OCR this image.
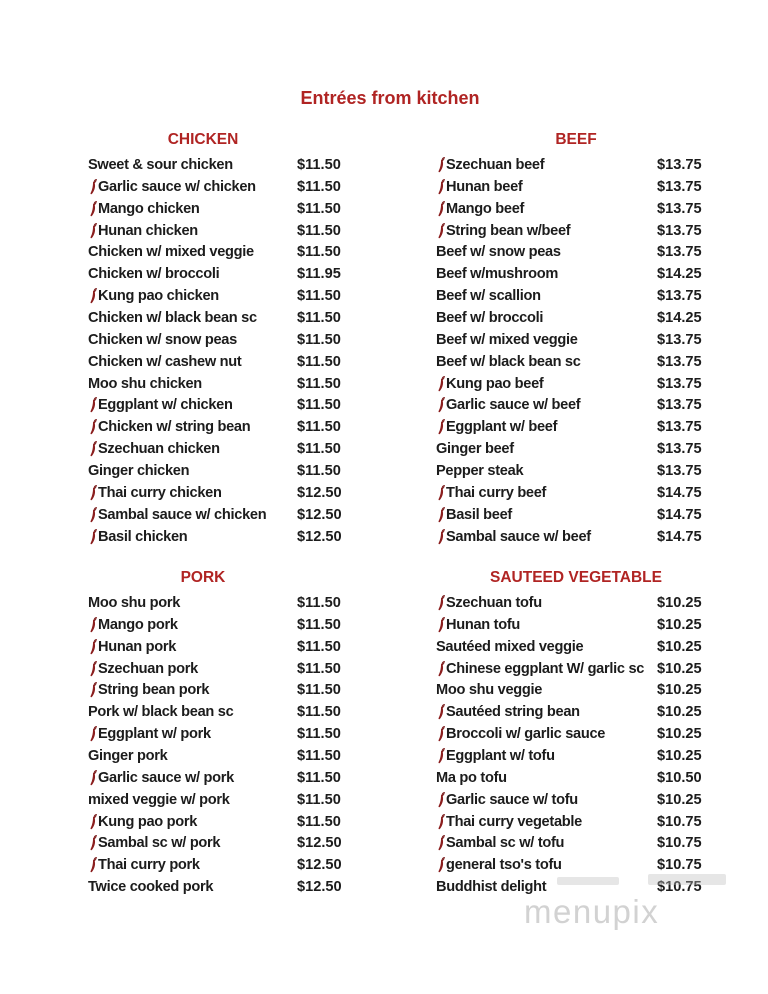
Entrées from kitchen
CHICKEN
Sweet & sour chicken	$11.50
Garlic sauce w/ chicken	$11.50
Mango chicken	$11.50
Hunan chicken	$11.50
Chicken w/ mixed veggie	$11.50
Chicken w/ broccoli	$11.95
Kung pao chicken	$11.50
Chicken w/ black bean sc	$11.50
Chicken w/ snow peas	$11.50
Chicken w/ cashew nut	$11.50
Moo shu chicken	$11.50
Eggplant w/ chicken	$11.50
Chicken w/ string bean	$11.50
Szechuan chicken	$11.50
Ginger chicken	$11.50
Thai curry chicken	$12.50
Sambal sauce w/ chicken $12.50
Basil chicken	$12.50
BEEF
Szechuan beef	$13.75
Hunan beef	$13.75
Mango beef	$13.75
String bean w/beef	$13.75
Beef w/ snow peas	$13.75
Beef w/mushroom	$14.25
Beef w/ scallion	$13.75
Beef w/ broccoli	$14.25
Beef w/ mixed veggie	$13.75
Beef w/ black bean sc	$13.75
Kung pao beef	$13.75
Garlic sauce w/ beef	$13.75
Eggplant w/ beef	$13.75
Ginger beef	$13.75
Pepper steak	$13.75
Thai curry beef	$14.75
Basil beef	$14.75
Sambal sauce w/ beef	$14.75
PORK
Moo shu pork	$11.50
Mango pork	$11.50
Hunan pork	$11.50
Szechuan pork	$11.50
String bean pork	$11.50
Pork w/ black bean sc	$11.50
Eggplant w/ pork	$11.50
Ginger pork	$11.50
Garlic sauce w/ pork	$11.50
mixed veggie w/ pork	$11.50
Kung pao pork	$11.50
Sambal sc w/ pork	$12.50
Thai curry pork	$12.50
Twice cooked pork	$12.50
SAUTEED VEGETABLE
Szechuan tofu	$10.25
Hunan tofu	$10.25
Sautéed mixed veggie	$10.25
Chinese eggplant W/ garlic sc $10.25
Moo shu veggie	$10.25
Sautéed string bean	$10.25
Broccoli w/ garlic sauce	$10.25
Eggplant w/ tofu	$10.25
Ma po tofu	$10.50
Garlic sauce w/ tofu	$10.25
Thai curry vegetable	$10.75
Sambal sc w/ tofu	$10.75
general tso's tofu	$10.75
Buddhist delight	$10.75
menupix
